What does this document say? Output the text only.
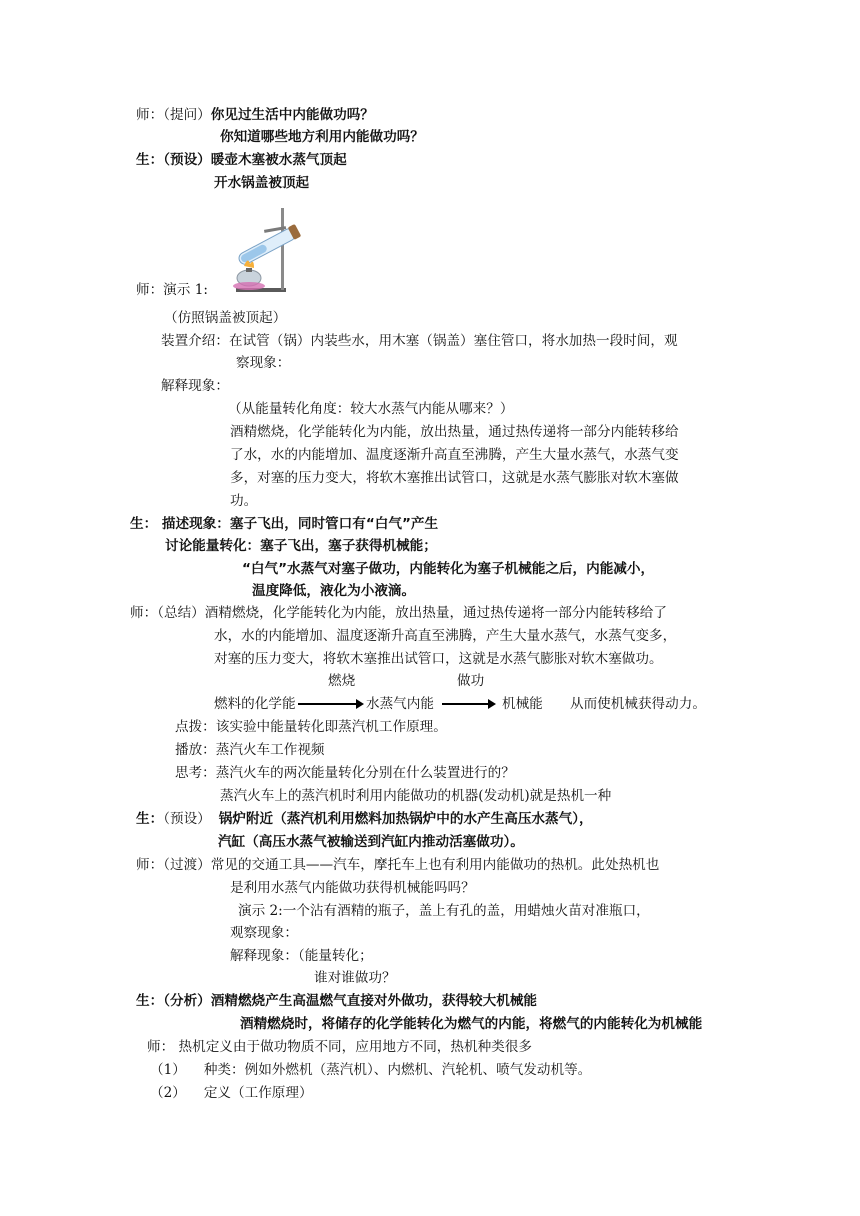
师：（提问）你见过生活中内能做功吗？
你知道哪些地方利用内能做功吗？
生：（预设）暖壶木塞被水蒸气顶起
开水锅盖被顶起
师：演示 1:
（仿照锅盖被顶起）
装置介绍：在试管（锅）内装些水，用木塞（锅盖）塞住管口，将水加热一段时间，观
察现象：
解释现象：
（从能量转化角度：较大水蒸气内能从哪来？）
酒精燃烧，化学能转化为内能，放出热量，通过热传递将一部分内能转移给
了水，水的内能增加、温度逐渐升高直至沸腾，产生大量水蒸气，水蒸气变
多，对塞的压力变大，将软木塞推出试管口，这就是水蒸气膨胀对软木塞做
功。
生： 描述现象：塞子飞出，同时管口有“白气”产生
讨论能量转化：塞子飞出，塞子获得机械能；
“白气”水蒸气对塞子做功，内能转化为塞子机械能之后，内能减小，
温度降低，液化为小液滴。
师：（总结）酒精燃烧，化学能转化为内能，放出热量，通过热传递将一部分内能转移给了
水，水的内能增加、温度逐渐升高直至沸腾，产生大量水蒸气，水蒸气变多，
对塞的压力变大，将软木塞推出试管口，这就是水蒸气膨胀对软木塞做功。
燃烧	做功
燃料的化学能	水蒸气内能	机械能 从而使机械获得动力。
点拨：该实验中能量转化即蒸汽机工作原理。
播放：蒸汽火车工作视频
思考：蒸汽火车的两次能量转化分别在什么装置进行的？
蒸汽火车上的蒸汽机时利用内能做功的机器(发动机)就是热机一种
生：（预设） 锅炉附近（蒸汽机利用燃料加热锅炉中的水产生高压水蒸气），
汽缸（高压水蒸气被输送到汽缸内推动活塞做功）。
师：（过渡）常见的交通工具——汽车，摩托车上也有利用内能做功的热机。此处热机也
是利用水蒸气内能做功获得机械能吗吗？
演示 2:一个沾有酒精的瓶子，盖上有孔的盖，用蜡烛火苗对准瓶口，
观察现象：
解释现象：（能量转化；
谁对谁做功？
生：（分析）酒精燃烧产生高温燃气直接对外做功，获得较大机械能
酒精燃烧时，将储存的化学能转化为燃气的内能，将燃气的内能转化为机械能
师： 热机定义由于做功物质不同，应用地方不同，热机种类很多
（1） 种类：例如外燃机（蒸汽机）、内燃机、汽轮机、喷气发动机等。
（2） 定义（工作原理）
